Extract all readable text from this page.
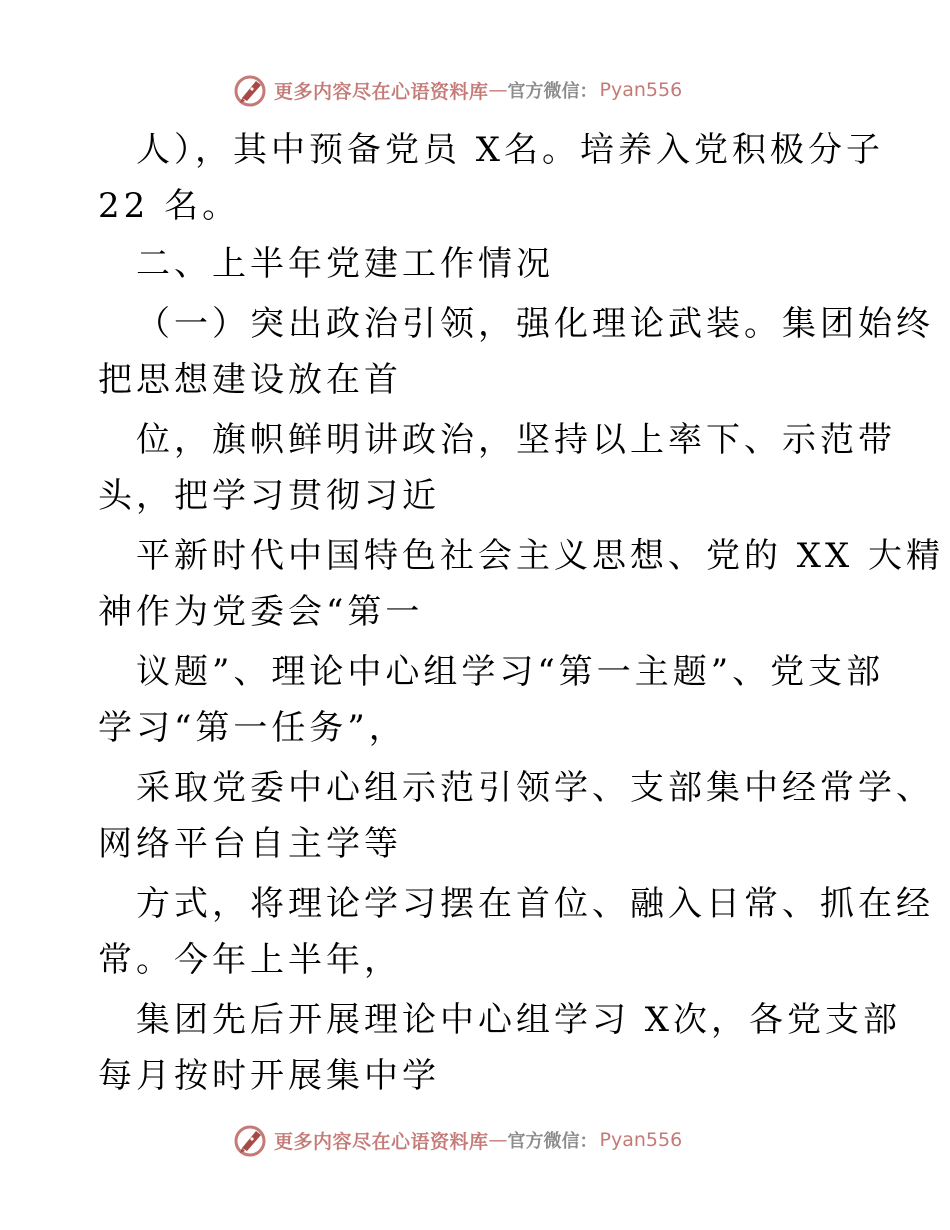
更多内容尽在心语资料库 — 官方微信： Pyan556
人），其中预备党员 X名。培养入党积极分子
22 名。
二、上半年党建工作情况
（一）突出政治引领，强化理论武装。集团始终
把思想建设放在首
位，旗帜鲜明讲政治，坚持以上率下、示范带
头，把学习贯彻习近
平新时代中国特色社会主义思想、党的 XX 大精
神作为党委会“第一
议题”、理论中心组学习“第一主题”、党支部
学习“第一任务”，
采取党委中心组示范引领学、支部集中经常学、
网络平台自主学等
方式，将理论学习摆在首位、融入日常、抓在经
常。今年上半年，
集团先后开展理论中心组学习 X次，各党支部
每月按时开展集中学
更多内容尽在心语资料库 — 官方微信： Pyan556
